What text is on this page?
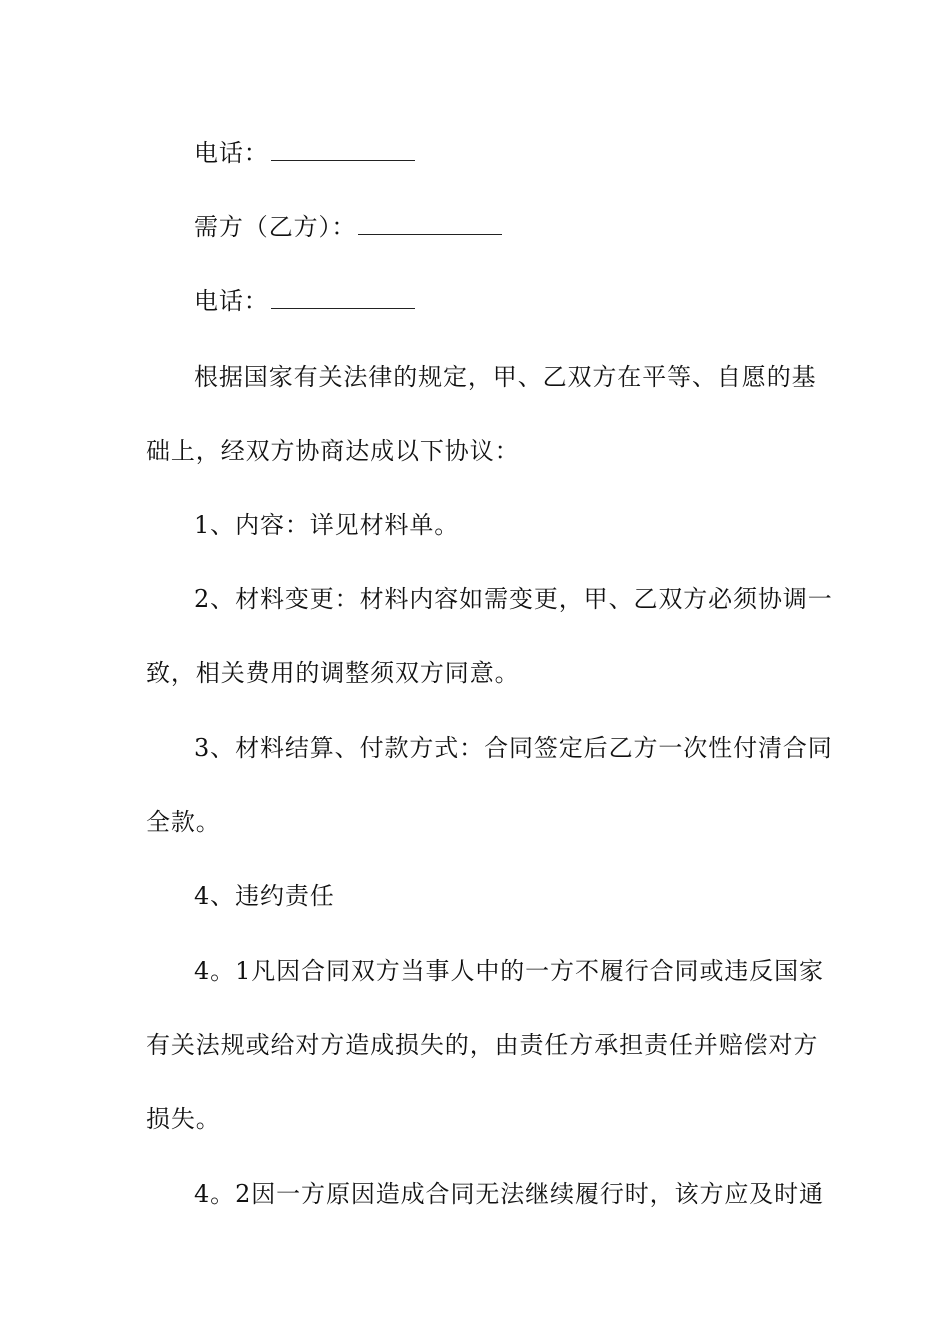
电话：
需方（乙方）：
电话：
根据国家有关法律的规定，甲、乙双方在平等、自愿的基
础上，经双方协商达成以下协议：
1、内容：详见材料单。
2、材料变更：材料内容如需变更，甲、乙双方必须协调一
致，相关费用的调整须双方同意。
3、材料结算、付款方式：合同签定后乙方一次性付清合同
全款。
4、违约责任
4。1凡因合同双方当事人中的一方不履行合同或违反国家
有关法规或给对方造成损失的，由责任方承担责任并赔偿对方
损失。
4。2因一方原因造成合同无法继续履行时，该方应及时通
